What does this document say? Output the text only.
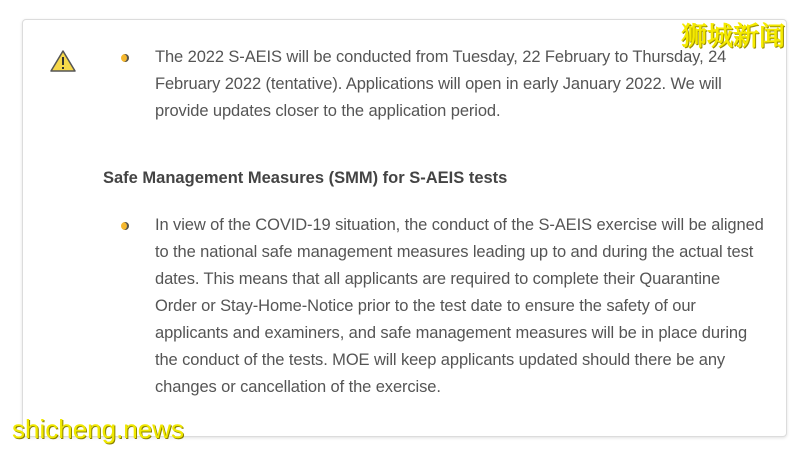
The 2022 S-AEIS will be conducted from Tuesday, 22 February to Thursday, 24 February 2022 (tentative). Applications will open in early January 2022. We will provide updates closer to the application period.
Safe Management Measures (SMM) for S-AEIS tests
In view of the COVID-19 situation, the conduct of the S-AEIS exercise will be aligned to the national safe management measures leading up to and during the actual test dates. This means that all applicants are required to complete their Quarantine Order or Stay-Home-Notice prior to the test date to ensure the safety of our applicants and examiners, and safe management measures will be in place during the conduct of the tests. MOE will keep applicants updated should there be any changes or cancellation of the exercise.
狮城新闻
shicheng.news
